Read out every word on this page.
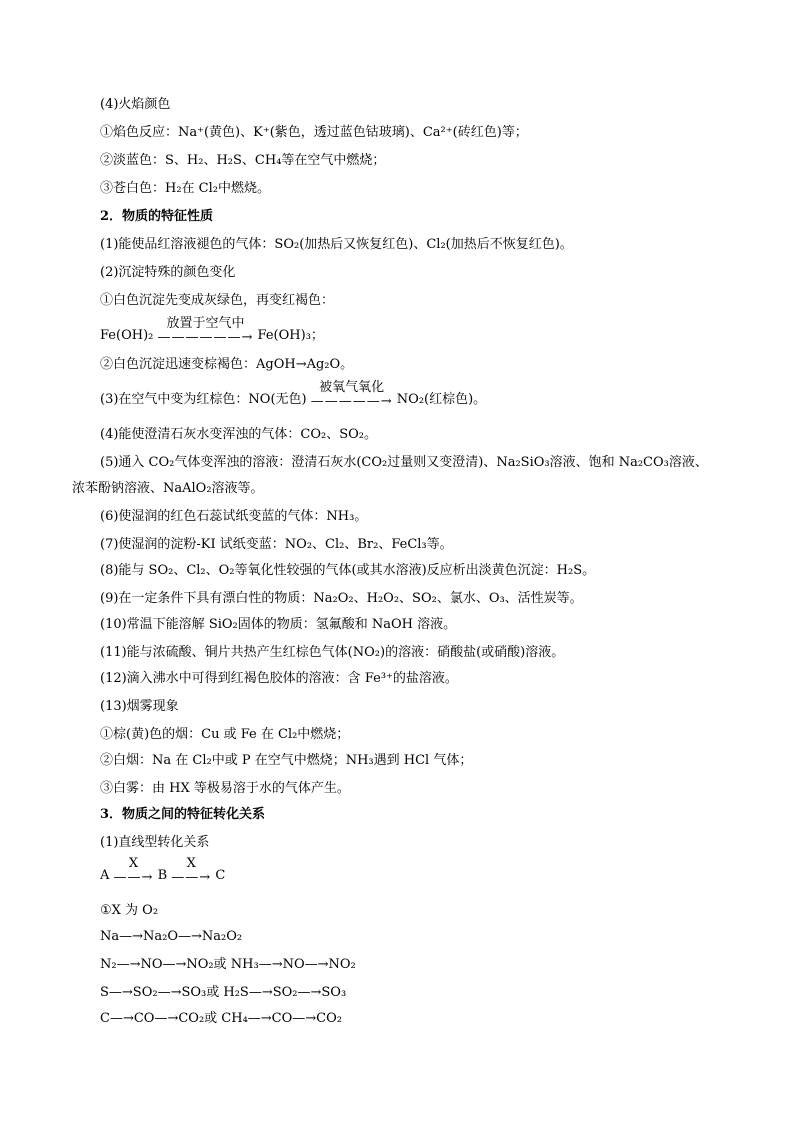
(4)火焰颜色
①焰色反应：Na⁺(黄色)、K⁺(紫色，透过蓝色钴玻璃)、Ca²⁺(砖红色)等；
②淡蓝色：S、H₂、H₂S、CH₄等在空气中燃烧；
③苍白色：H₂在 Cl₂中燃烧。
2．物质的特征性质
(1)能使品红溶液褪色的气体：SO₂(加热后又恢复红色)、Cl₂(加热后不恢复红色)。
(2)沉淀特殊的颜色变化
①白色沉淀先变成灰绿色，再变红褐色：
Fe(OH)₂
放置于空气中
——————→ Fe(OH)₃；
②白色沉淀迅速变棕褐色：AgOH→Ag₂O。
(3)在空气中变为红棕色：NO(无色)
被氧气氧化
—————→ NO₂(红棕色)。
(4)能使澄清石灰水变浑浊的气体：CO₂、SO₂。
(5)通入 CO₂气体变浑浊的溶液：澄清石灰水(CO₂过量则又变澄清)、Na₂SiO₃溶液、饱和 Na₂CO₃溶液、
浓苯酚钠溶液、NaAlO₂溶液等。
(6)使湿润的红色石蕊试纸变蓝的气体：NH₃。
(7)使湿润的淀粉-KI 试纸变蓝：NO₂、Cl₂、Br₂、FeCl₃等。
(8)能与 SO₂、Cl₂、O₂等氧化性较强的气体(或其水溶液)反应析出淡黄色沉淀：H₂S。
(9)在一定条件下具有漂白性的物质：Na₂O₂、H₂O₂、SO₂、氯水、O₃、活性炭等。
(10)常温下能溶解 SiO₂固体的物质：氢氟酸和 NaOH 溶液。
(11)能与浓硫酸、铜片共热产生红棕色气体(NO₂)的溶液：硝酸盐(或硝酸)溶液。
(12)滴入沸水中可得到红褐色胶体的溶液：含 Fe³⁺的盐溶液。
(13)烟雾现象
①棕(黄)色的烟：Cu 或 Fe 在 Cl₂中燃烧；
②白烟：Na 在 Cl₂中或 P 在空气中燃烧；NH₃遇到 HCl 气体；
③白雾：由 HX 等极易溶于水的气体产生。
3．物质之间的特征转化关系
(1)直线型转化关系
A
X
——→ B
X
——→ C
①X 为 O₂
Na—→Na₂O—→Na₂O₂
N₂—→NO—→NO₂或 NH₃—→NO—→NO₂
S—→SO₂—→SO₃或 H₂S—→SO₂—→SO₃
C—→CO—→CO₂或 CH₄—→CO—→CO₂
